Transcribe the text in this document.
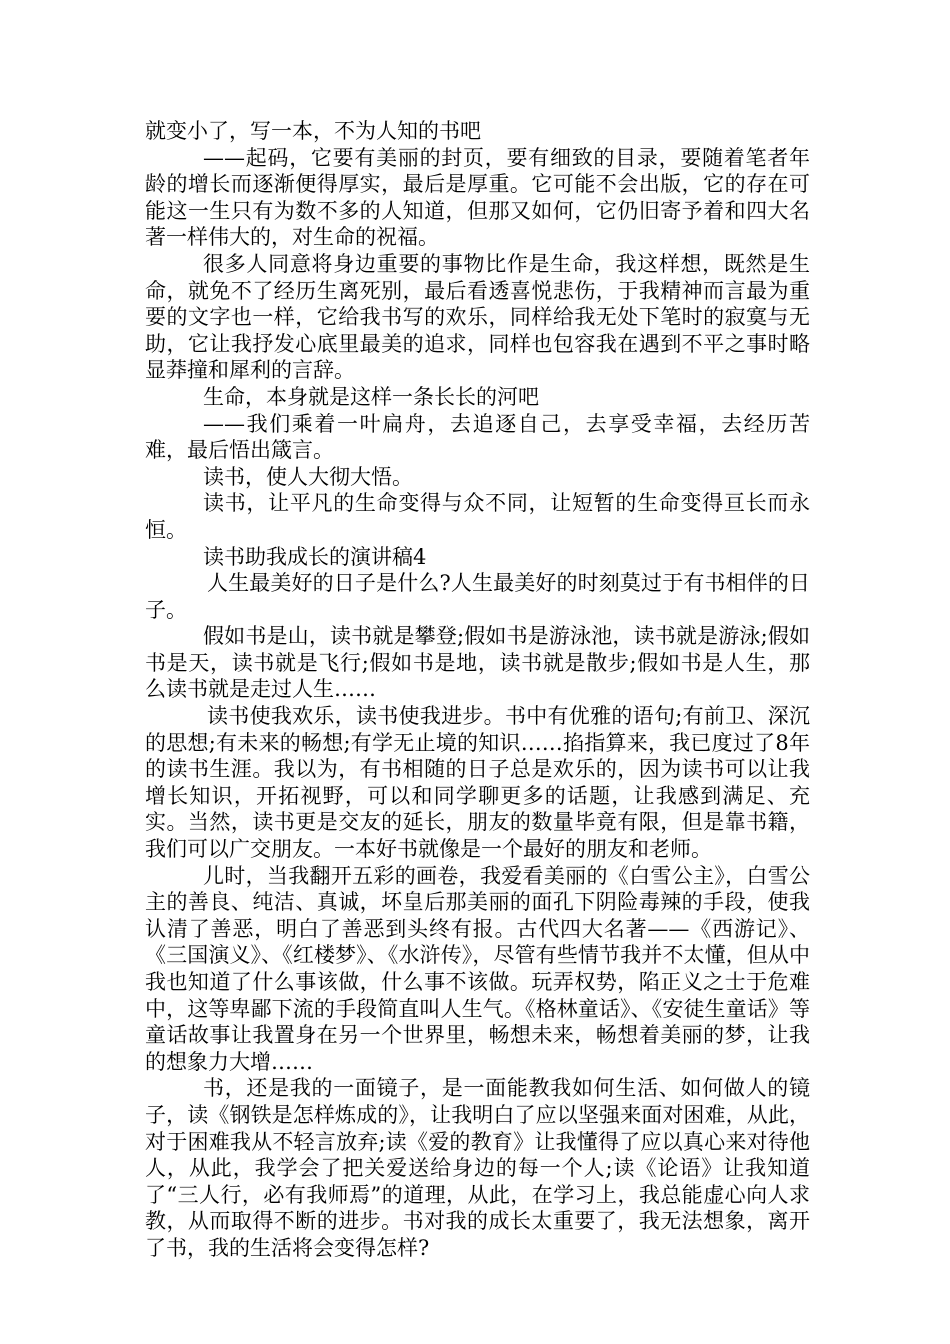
就变小了，写一本，不为人知的书吧

——起码，它要有美丽的封页，要有细致的目录，要随着笔者年龄的增长而逐渐便得厚实，最后是厚重。它可能不会出版，它的存在可能这一生只有为数不多的人知道，但那又如何，它仍旧寄予着和四大名著一样伟大的，对生命的祝福。

很多人同意将身边重要的事物比作是生命，我这样想，既然是生命，就免不了经历生离死别，最后看透喜悦悲伤，于我精神而言最为重要的文字也一样，它给我书写的欢乐，同样给我无处下笔时的寂寞与无助，它让我抒发心底里最美的追求，同样也包容我在遇到不平之事时略显莽撞和犀利的言辞。

生命，本身就是这样一条长长的河吧

——我们乘着一叶扁舟，去追逐自己，去享受幸福，去经历苦难，最后悟出箴言。

读书，使人大彻大悟。

读书，让平凡的生命变得与众不同，让短暂的生命变得亘长而永恒。

读书助我成长的演讲稿4

人生最美好的日子是什么?人生最美好的时刻莫过于有书相伴的日子。

假如书是山，读书就是攀登;假如书是游泳池，读书就是游泳;假如书是天，读书就是飞行;假如书是地，读书就是散步;假如书是人生，那么读书就是走过人生……

读书使我欢乐，读书使我进步。书中有优雅的语句;有前卫、深沉的思想;有未来的畅想;有学无止境的知识……掐指算来，我已度过了8年的读书生涯。我以为，有书相随的日子总是欢乐的，因为读书可以让我增长知识，开拓视野，可以和同学聊更多的话题，让我感到满足、充实。当然，读书更是交友的延长，朋友的数量毕竟有限，但是靠书籍，我们可以广交朋友。一本好书就像是一个最好的朋友和老师。

儿时，当我翻开五彩的画卷，我爱看美丽的《白雪公主》，白雪公主的善良、纯洁、真诚，坏皇后那美丽的面孔下阴险毒辣的手段，使我认清了善恶，明白了善恶到头终有报。古代四大名著——《西游记》、《三国演义》、《红楼梦》、《水浒传》，尽管有些情节我并不太懂，但从中我也知道了什么事该做，什么事不该做。玩弄权势，陷正义之士于危难中，这等卑鄙下流的手段简直叫人生气。《格林童话》、《安徒生童话》等童话故事让我置身在另一个世界里，畅想未来，畅想着美丽的梦，让我的想象力大增……

书，还是我的一面镜子，是一面能教我如何生活、如何做人的镜子，读《钢铁是怎样炼成的》，让我明白了应以坚强来面对困难，从此，对于困难我从不轻言放弃;读《爱的教育》让我懂得了应以真心来对待他人，从此，我学会了把关爱送给身边的每一个人;读《论语》让我知道了“三人行，必有我师焉”的道理，从此，在学习上，我总能虚心向人求教，从而取得不断的进步。书对我的成长太重要了，我无法想象，离开了书，我的生活将会变得怎样?
